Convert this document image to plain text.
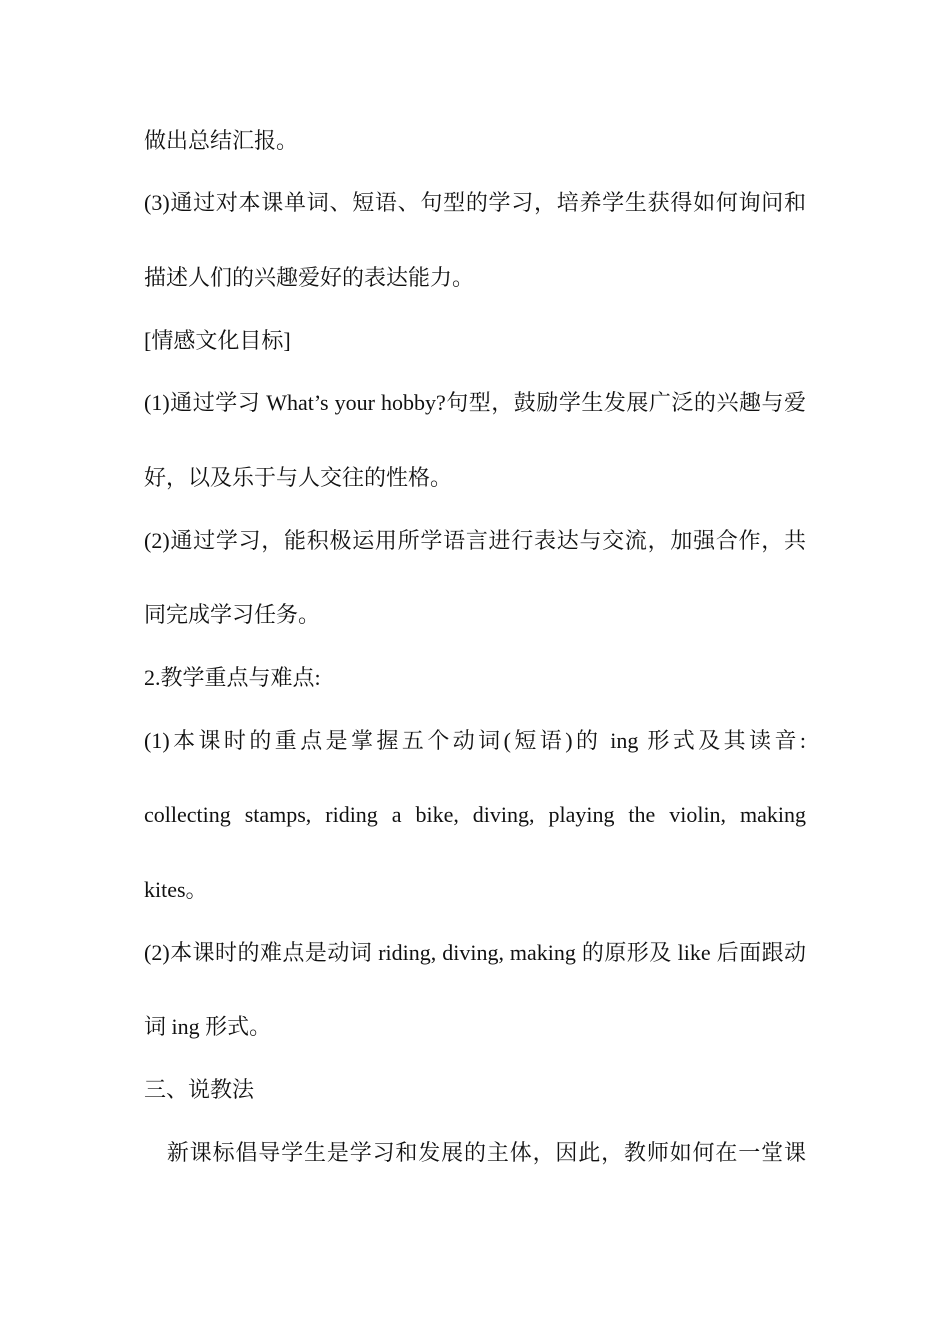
做出总结汇报。
(3)通过对本课单词、短语、句型的学习，培养学生获得如何询问和
描述人们的兴趣爱好的表达能力。
[情感文化目标]
(1)通过学习 What’s your hobby?句型，鼓励学生发展广泛的兴趣与爱
好，以及乐于与人交往的性格。
(2)通过学习，能积极运用所学语言进行表达与交流，加强合作，共
同完成学习任务。
2.教学重点与难点:
(1)本课时的重点是掌握五个动词(短语)的 ing 形式及其读音:
collecting stamps, riding a bike, diving, playing the violin, making
kites。
(2)本课时的难点是动词 riding, diving, making 的原形及 like 后面跟动
词 ing 形式。
三、说教法
　新课标倡导学生是学习和发展的主体，因此，教师如何在一堂课
